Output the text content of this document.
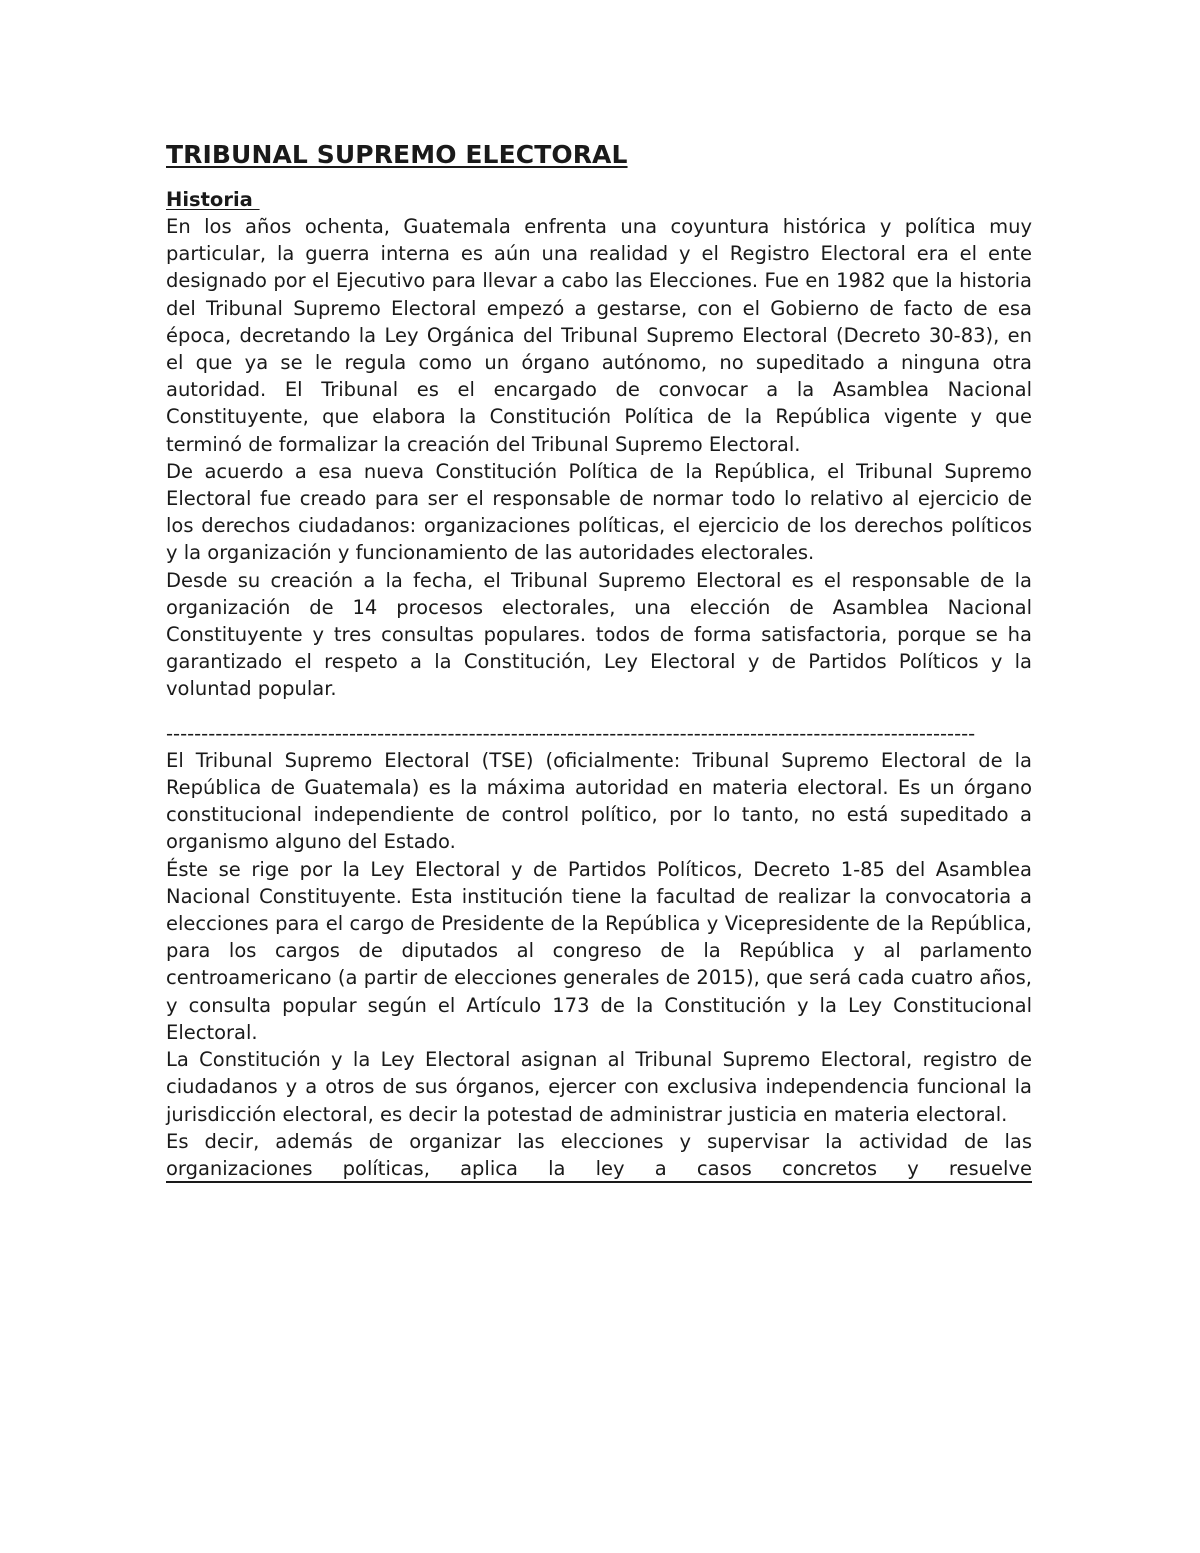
TRIBUNAL SUPREMO ELECTORAL
Historia

En los años ochenta, Guatemala enfrenta una coyuntura histórica y política muy particular, la guerra interna es aún una realidad y el Registro Electoral era el ente designado por el Ejecutivo para llevar a cabo las Elecciones. Fue en 1982 que la historia del Tribunal Supremo Electoral empezó a gestarse, con el Gobierno de facto de esa época, decretando la Ley Orgánica del Tribunal Supremo Electoral (Decreto 30-83), en el que ya se le regula como un órgano autónomo, no supeditado a ninguna otra autoridad. El Tribunal es el encargado de convocar a la Asamblea Nacional Constituyente, que elabora la Constitución Política de la República vigente y que terminó de formalizar la creación del Tribunal Supremo Electoral.

De acuerdo a esa nueva Constitución Política de la República, el Tribunal Supremo Electoral fue creado para ser el responsable de normar todo lo relativo al ejercicio de los derechos ciudadanos: organizaciones políticas, el ejercicio de los derechos políticos y la organización y funcionamiento de las autoridades electorales.

Desde su creación a la fecha, el Tribunal Supremo Electoral es el responsable de la organización de 14 procesos electorales, una elección de Asamblea Nacional Constituyente y tres consultas populares. todos de forma satisfactoria, porque se ha garantizado el respeto a la Constitución, Ley Electoral y de Partidos Políticos y la voluntad popular.

-------------------------------------------------------------------------------------------------------------------

El Tribunal Supremo Electoral (TSE) (oficialmente: Tribunal Supremo Electoral de la República de Guatemala) es la máxima autoridad en materia electoral. Es un órgano constitucional independiente de control político, por lo tanto, no está supeditado a organismo alguno del Estado.

Éste se rige por la Ley Electoral y de Partidos Políticos, Decreto 1-85 del Asamblea Nacional Constituyente. Esta institución tiene la facultad de realizar la convocatoria a elecciones para el cargo de Presidente de la República y Vicepresidente de la República, para los cargos de diputados al congreso de la República y al parlamento centroamericano (a partir de elecciones generales de 2015), que será cada cuatro años, y consulta popular según el Artículo 173 de la Constitución y la Ley Constitucional Electoral.

La Constitución y la Ley Electoral asignan al Tribunal Supremo Electoral, registro de ciudadanos y a otros de sus órganos, ejercer con exclusiva independencia funcional la jurisdicción electoral, es decir la potestad de administrar justicia en materia electoral.

Es decir, además de organizar las elecciones y supervisar la actividad de las

organizaciones políticas, aplica la ley a casos concretos y resuelve
